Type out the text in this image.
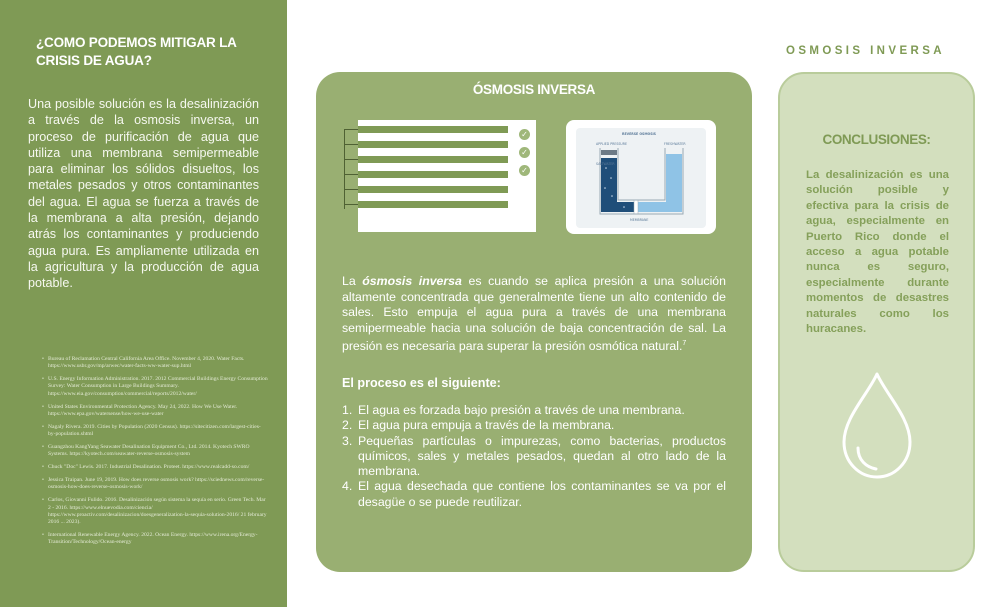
¿COMO PODEMOS MITIGAR LA CRISIS DE AGUA?
Una posible solución es la desalinización a través de la osmosis inversa, un proceso de purificación de agua que utiliza una membrana semipermeable para eliminar los sólidos disueltos, los metales pesados y otros contaminantes del agua. El agua se fuerza a través de la membrana a alta presión, dejando atrás los contaminantes y produciendo agua pura. Es ampliamente utilizada en la agricultura y la producción de agua potable.
• Bureau of Reclamation Central California Area Office. November 4, 2020. Water Facts. https://www.usbr.gov/mp/arwec/water-facts-ww-water-sup.html
• U.S. Energy Information Administration. 2017. 2012 Commercial Buildings Energy Consumption Survey: Water Consumption in Large Buildings Summary. https://www.eia.gov/consumption/commercial/reports/2012/water/
• United States Environmental Protection Agency. May 24, 2022. How We Use Water. https://www.epa.gov/watersense/how-we-use-water
• Nagaly Rivera. 2019. Cities by Population (2020 Census). https://sitecitizen.com/largest-cities-by-population.shtml
• Guangzhou KangYang Seawater Desalination Equipment Co., Ltd. 2014. Kyotech SWRO Systems. https://kyotech.com/seawater-reverse-osmosis-system
• Chuck "Doc" Lewis. 2017. Industrial Desalination. Proteet. https://www.realcadd-so.com/
• Jessica Traipan. June 19, 2019. How does reverse osmosis work? https://sciednews.com/reverse-osmosis-how-does-reverse-osmosis-work/
• Carlos, Giovanni Fulido. 2016. Desalinización según sistema la sequía en serio. Green Tech. Mar 2 - 2016. https://www.elnuevodia.com/ciencia/ https://www.proactiv.com/desalinizacion/doesgeneralization-la-sequia-solution-2016/ 21 february 2016 ... 2023).
• International Renewable Energy Agency. 2022. Ocean Energy. https://www.irena.org/Energy-Transition/Technology/Ocean-energy
OSMOSIS INVERSA
ÓSMOSIS INVERSA
✓
✓
✓
REVERSE OSMOSIS
APPLIED PRESSURE
SALTWATER
FRESHWATER
MEMBRANE

La ósmosis inversa es cuando se aplica presión a una solución altamente concentrada que generalmente tiene un alto contenido de sales. Esto empuja el agua pura a través de una membrana semipermeable hacia una solución de baja concentración de sal. La presión es necesaria para superar la presión osmótica natural.$^7$

El proceso es el siguiente:
1. El agua es forzada bajo presión a través de una membrana.
2. El agua pura empuja a través de la membrana.
3. Pequeñas partículas o impurezas, como bacterias, productos químicos, sales y metales pesados, quedan al otro lado de la membrana.
4. El agua desechada que contiene los contaminantes se va por el desagüe o se puede reutilizar.
CONCLUSIONES:
La desalinización es una solución posible y efectiva para la crisis de agua, especialmente en Puerto Rico donde el acceso a agua potable nunca es seguro, especialmente durante momentos de desastres naturales como los huracanes.
